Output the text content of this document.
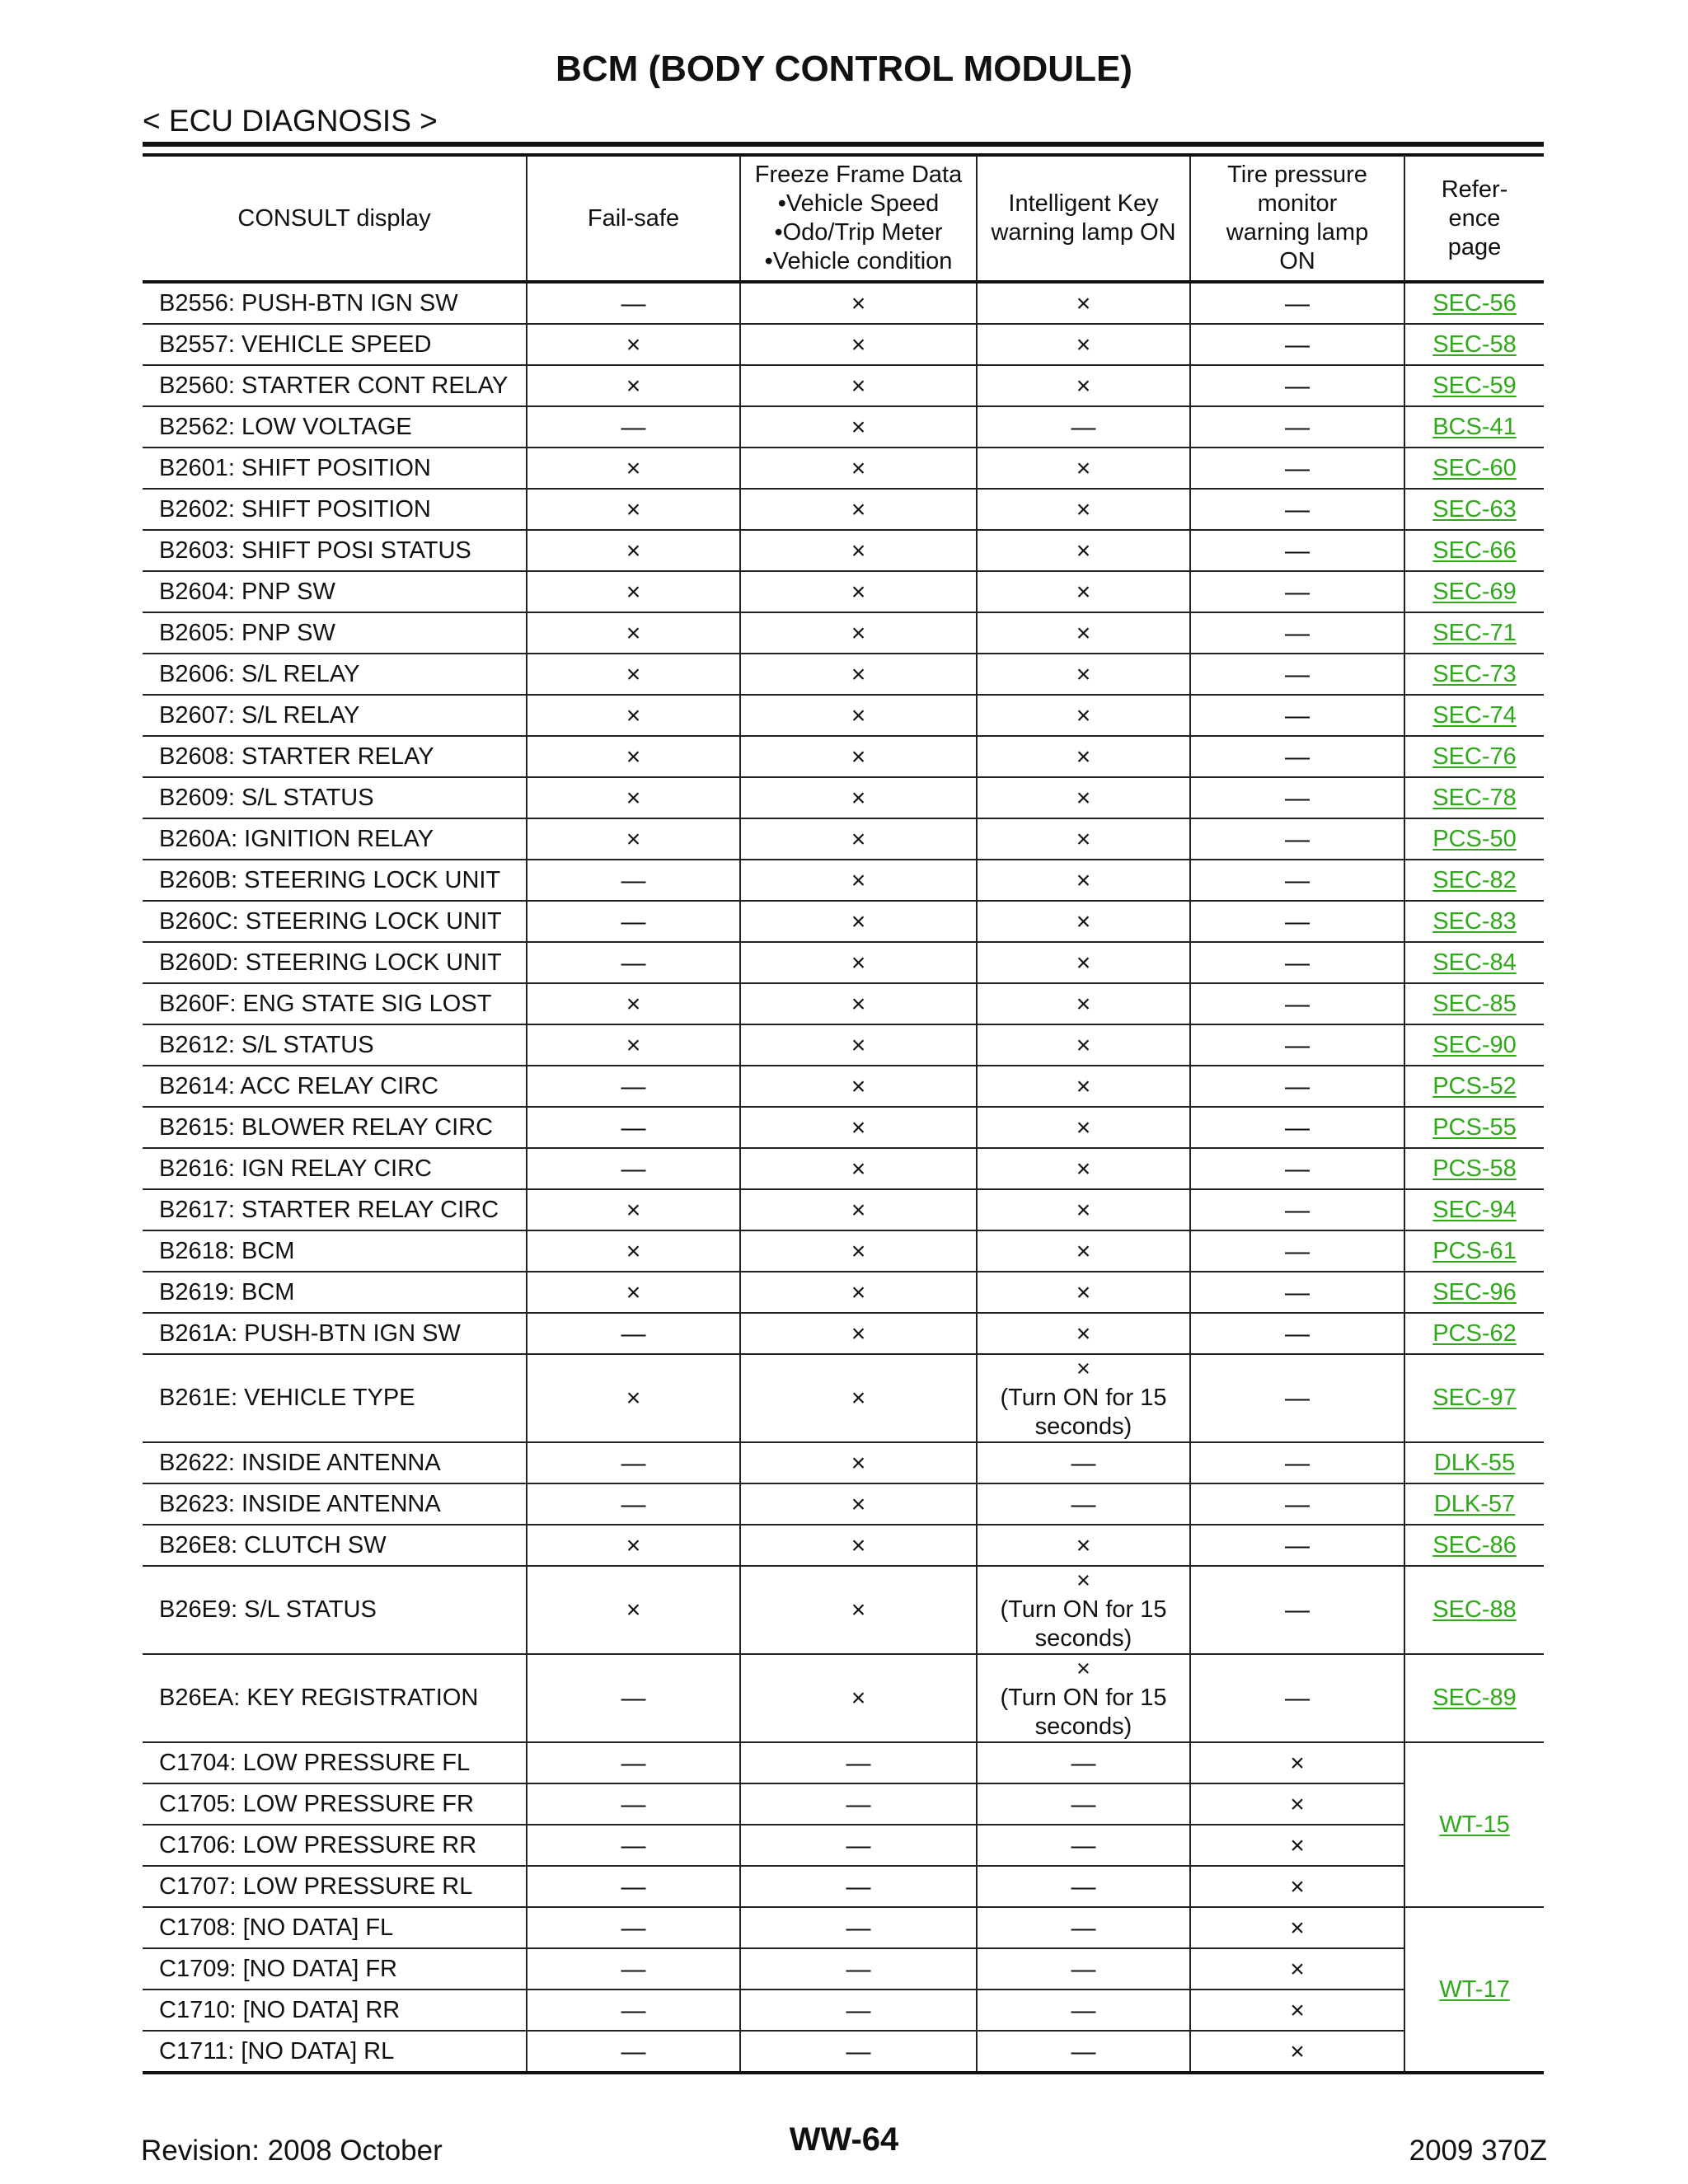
BCM (BODY CONTROL MODULE)
< ECU DIAGNOSIS >
CONSULT display	Fail-safe	Freeze Frame Data
•Vehicle Speed
•Odo/Trip Meter
•Vehicle condition	Intelligent Key warning lamp ON	Tire pressure monitor warning lamp ON	Refer-ence page

B2556: PUSH-BTN IGN SW	—	×	×	—	SEC-56
B2557: VEHICLE SPEED	×	×	×	—	SEC-58
B2560: STARTER CONT RELAY	×	×	×	—	SEC-59
B2562: LOW VOLTAGE	—	×	—	—	BCS-41
B2601: SHIFT POSITION	×	×	×	—	SEC-60
B2602: SHIFT POSITION	×	×	×	—	SEC-63
B2603: SHIFT POSI STATUS	×	×	×	—	SEC-66
B2604: PNP SW	×	×	×	—	SEC-69
B2605: PNP SW	×	×	×	—	SEC-71
B2606: S/L RELAY	×	×	×	—	SEC-73
B2607: S/L RELAY	×	×	×	—	SEC-74
B2608: STARTER RELAY	×	×	×	—	SEC-76
B2609: S/L STATUS	×	×	×	—	SEC-78
B260A: IGNITION RELAY	×	×	×	—	PCS-50
B260B: STEERING LOCK UNIT	—	×	×	—	SEC-82
B260C: STEERING LOCK UNIT	—	×	×	—	SEC-83
B260D: STEERING LOCK UNIT	—	×	×	—	SEC-84
B260F: ENG STATE SIG LOST	×	×	×	—	SEC-85
B2612: S/L STATUS	×	×	×	—	SEC-90
B2614: ACC RELAY CIRC	—	×	×	—	PCS-52
B2615: BLOWER RELAY CIRC	—	×	×	—	PCS-55
B2616: IGN RELAY CIRC	—	×	×	—	PCS-58
B2617: STARTER RELAY CIRC	×	×	×	—	SEC-94
B2618: BCM	×	×	×	—	PCS-61
B2619: BCM	×	×	×	—	SEC-96
B261A: PUSH-BTN IGN SW	—	×	×	—	PCS-62
B261E: VEHICLE TYPE	×	×	× (Turn ON for 15 seconds)	—	SEC-97
B2622: INSIDE ANTENNA	—	×	—	—	DLK-55
B2623: INSIDE ANTENNA	—	×	—	—	DLK-57
B26E8: CLUTCH SW	×	×	×	—	SEC-86
B26E9: S/L STATUS	×	×	× (Turn ON for 15 seconds)	—	SEC-88
B26EA: KEY REGISTRATION	—	×	× (Turn ON for 15 seconds)	—	SEC-89
C1704: LOW PRESSURE FL	—	—	—	×	WT-15
C1705: LOW PRESSURE FR	—	—	—	×	
C1706: LOW PRESSURE RR	—	—	—	×	
C1707: LOW PRESSURE RL	—	—	—	×	
C1708: [NO DATA] FL	—	—	—	×	WT-17
C1709: [NO DATA] FR	—	—	—	×	
C1710: [NO DATA] RR	—	—	—	×	
C1711: [NO DATA] RL	—	—	—	×	
Revision: 2008 October	WW-64	2009 370Z
